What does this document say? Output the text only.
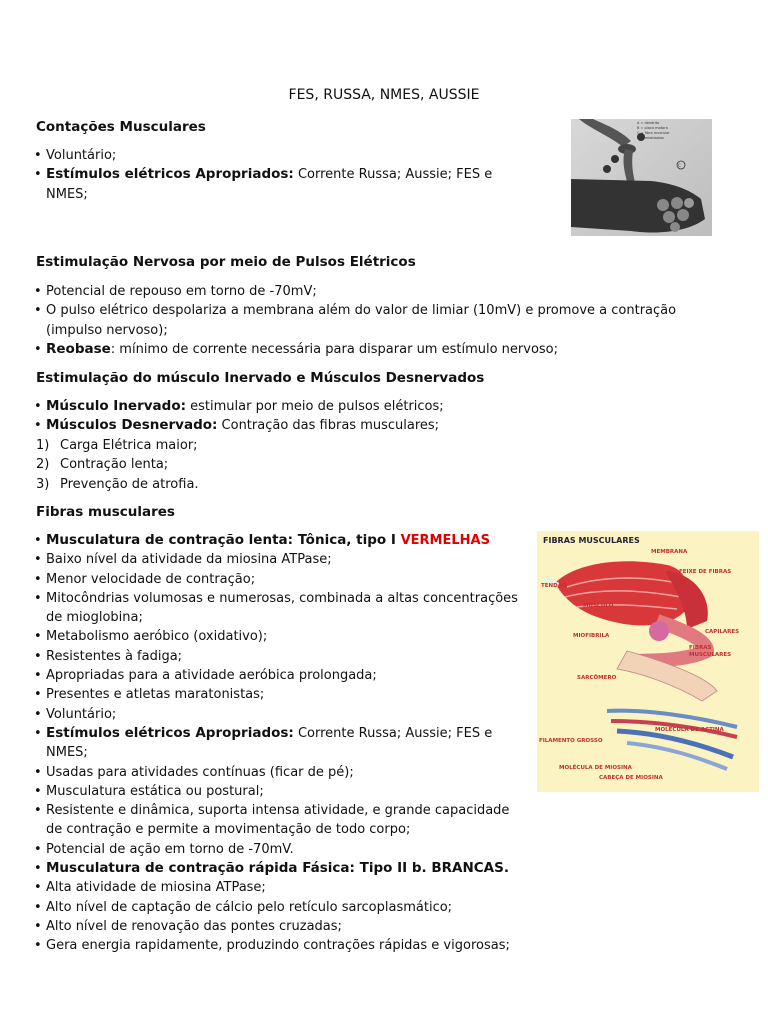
FES, RUSSA, NMES, AUSSIE
Contações Musculares
• Voluntário;
• Estímulos elétricos Apropriados: Corrente Russa; Aussie; FES e NMES;
C
A = dendrito
B = placa motora
C = fibra muscular
D = mioblastos
Estimulação Nervosa por meio de Pulsos Elétricos
• Potencial de repouso em torno de -70mV;
• O pulso elétrico despolariza a membrana além do valor de limiar (10mV) e promove a contração (impulso nervoso);
• Reobase: mínimo de corrente necessária para disparar um estímulo nervoso;
Estimulação do músculo Inervado e Músculos Desnervados
• Músculo Inervado: estimular por meio de pulsos elétricos;
• Músculos Desnervado: Contração das fibras musculares;
1) Carga Elétrica maior;
2) Contração lenta;
3) Prevenção de atrofia.
Fibras musculares
• Musculatura de contração lenta: Tônica, tipo I VERMELHAS
• Baixo nível da atividade da miosina ATPase;
• Menor velocidade de contração;
• Mitocôndrias volumosas e numerosas, combinada a altas concentrações de mioglobina;
• Metabolismo aeróbico (oxidativo);
• Resistentes à fadiga;
• Apropriadas para a atividade aeróbica prolongada;
• Presentes e atletas maratonistas;
• Voluntário;
• Estímulos elétricos Apropriados: Corrente Russa; Aussie; FES e NMES;
• Usadas para atividades contínuas (ficar de pé);
• Musculatura estática ou postural;
• Resistente e dinâmica, suporta intensa atividade, e grande capacidade de contração e permite a movimentação de todo corpo;
• Potencial de ação em torno de -70mV.
• Musculatura de contração rápida Fásica: Tipo II b. BRANCAS.
• Alta atividade de miosina ATPase;
• Alto nível de captação de cálcio pelo retículo sarcoplasmático;
• Alto nível de renovação das pontes cruzadas;
• Gera energia rapidamente, produzindo contrações rápidas e vigorosas;
FIBRAS MUSCULARES
MEMBRANA
FEIXE DE FIBRAS
TENDÃO
MÚSCULO
MIOFIBRILA
CAPILARES
FIBRAS
MUSCULARES
SARCÔMERO
MOLÉCULA DE ACTINA
FILAMENTO GROSSO
MOLÉCULA DE MIOSINA
CABEÇA DE MIOSINA
